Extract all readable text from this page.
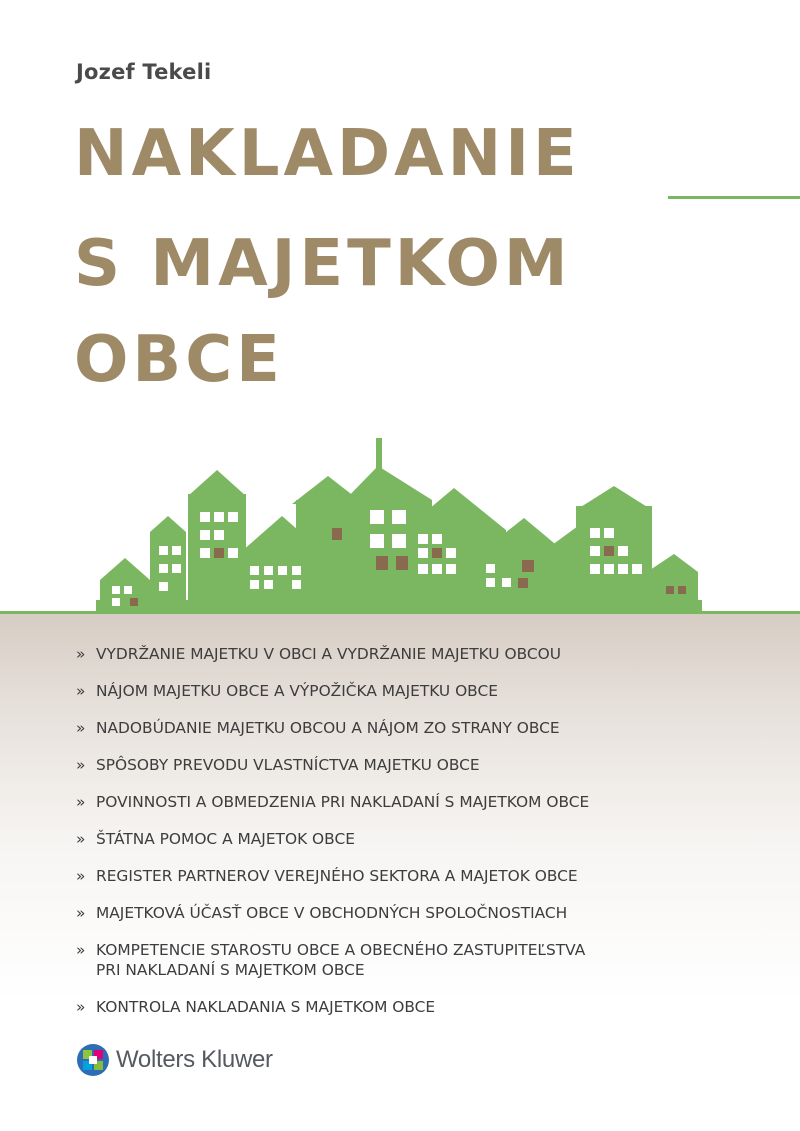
Jozef Tekeli
NAKLADANIE
S MAJETKOM
OBCE
» VYDRŽANIE MAJETKU V OBCI A VYDRŽANIE MAJETKU OBCOU
» NÁJOM MAJETKU OBCE A VÝPOŽIČKA MAJETKU OBCE
» NADOBÚDANIE MAJETKU OBCOU A NÁJOM ZO STRANY OBCE
» SPÔSOBY PREVODU VLASTNÍCTVA MAJETKU OBCE
» POVINNOSTI A OBMEDZENIA PRI NAKLADANÍ S MAJETKOM OBCE
» ŠTÁTNA POMOC A MAJETOK OBCE
» REGISTER PARTNEROV VEREJNÉHO SEKTORA A MAJETOK OBCE
» MAJETKOVÁ ÚČASŤ OBCE V OBCHODNÝCH SPOLOČNOSTIACH
» KOMPETENCIE STAROSTU OBCE A OBECNÉHO ZASTUPITEĽSTVA
PRI NAKLADANÍ S MAJETKOM OBCE
» KONTROLA NAKLADANIA S MAJETKOM OBCE
Wolters Kluwer
